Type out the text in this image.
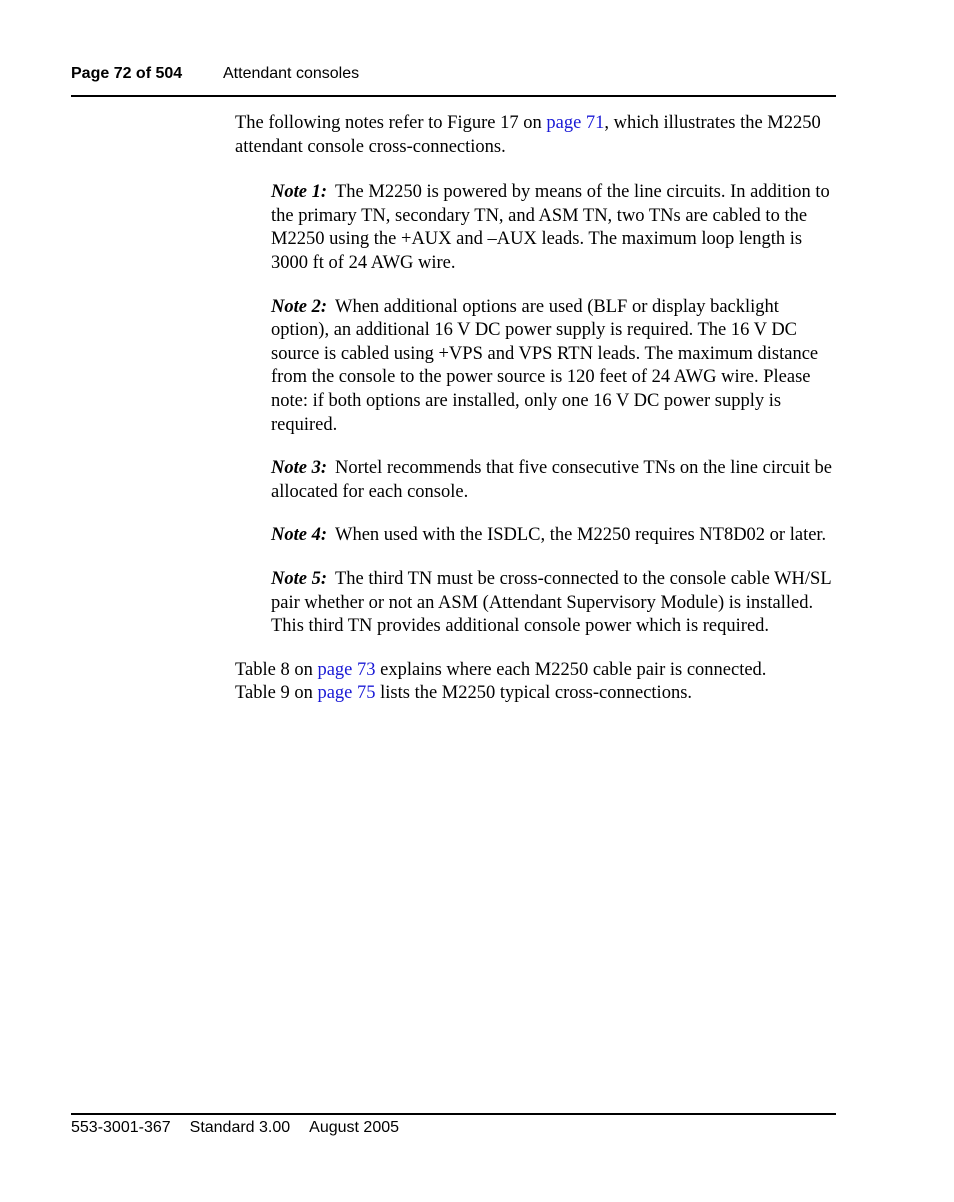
Page 72 of 504	Attendant consoles

The following notes refer to Figure 17 on page 71, which illustrates the M2250 attendant console cross-connections.

Note 1: The M2250 is powered by means of the line circuits. In addition to the primary TN, secondary TN, and ASM TN, two TNs are cabled to the M2250 using the +AUX and –AUX leads. The maximum loop length is 3000 ft of 24 AWG wire.

Note 2: When additional options are used (BLF or display backlight option), an additional 16 V DC power supply is required. The 16 V DC source is cabled using +VPS and VPS RTN leads. The maximum distance from the console to the power source is 120 feet of 24 AWG wire. Please note: if both options are installed, only one 16 V DC power supply is required.

Note 3: Nortel recommends that five consecutive TNs on the line circuit be allocated for each console.

Note 4: When used with the ISDLC, the M2250 requires NT8D02 or later.

Note 5: The third TN must be cross-connected to the console cable WH/SL pair whether or not an ASM (Attendant Supervisory Module) is installed. This third TN provides additional console power which is required.

Table 8 on page 73 explains where each M2250 cable pair is connected.
Table 9 on page 75 lists the M2250 typical cross-connections.

553-3001-367 Standard 3.00 August 2005
